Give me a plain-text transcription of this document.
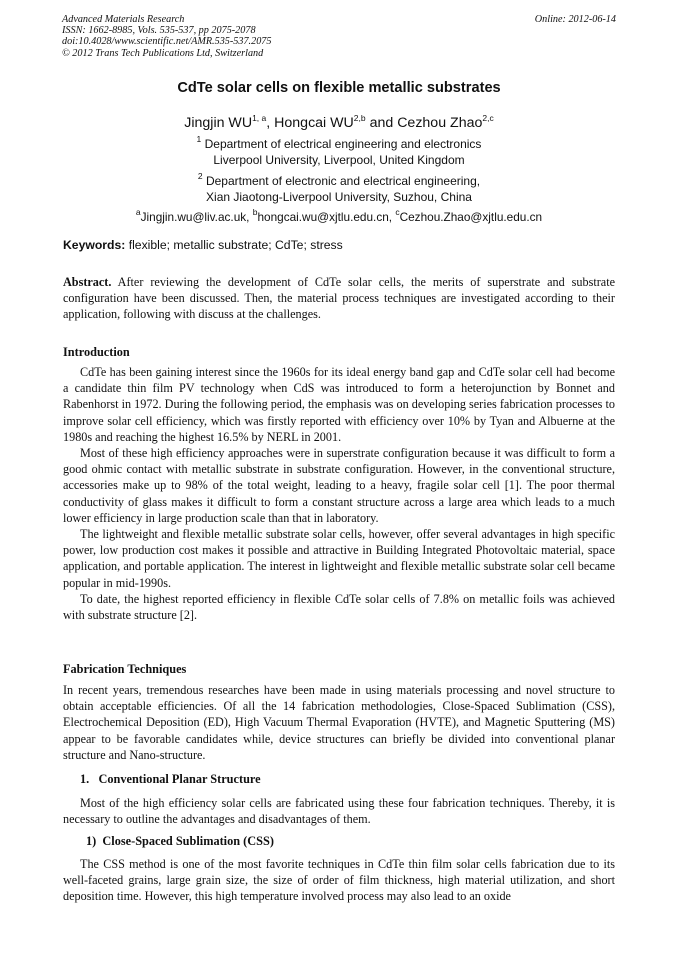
Advanced Materials Research
ISSN: 1662-8985, Vols. 535-537, pp 2075-2078
doi:10.4028/www.scientific.net/AMR.535-537.2075
© 2012 Trans Tech Publications Ltd, Switzerland
Online: 2012-06-14
CdTe solar cells on flexible metallic substrates
Jingjin WU$^{1, a}$, Hongcai WU$^{2,b}$ and Cezhou Zhao$^{2,c}$
$^1$ Department of electrical engineering and electronics
Liverpool University, Liverpool, United Kingdom
$^2$ Department of electronic and electrical engineering,
Xian Jiaotong-Liverpool University, Suzhou, China
$^a$Jingjin.wu@liv.ac.uk, $^b$hongcai.wu@xjtlu.edu.cn, $^c$Cezhou.Zhao@xjtlu.edu.cn
Keywords: flexible; metallic substrate; CdTe; stress

Abstract. After reviewing the development of CdTe solar cells, the merits of superstrate and substrate configuration have been discussed. Then, the material process techniques are investigated according to their application, following with discuss at the challenges.

Introduction

CdTe has been gaining interest since the 1960s for its ideal energy band gap and CdTe solar cell had become a candidate thin film PV technology when CdS was introduced to form a heterojunction by Bonnet and Rabenhorst in 1972. During the following period, the emphasis was on developing series fabrication processes to improve solar cell efficiency, which was firstly reported with efficiency over 10% by Tyan and Albuerne at the 1980s and reaching the highest 16.5% by NERL in 2001.

Most of these high efficiency approaches were in superstrate configuration because it was difficult to form a good ohmic contact with metallic substrate in substrate configuration. However, in the conventional structure, accessories make up to 98% of the total weight, leading to a heavy, fragile solar cell [1]. The poor thermal conductivity of glass makes it difficult to form a constant structure across a large area which leads to a much lower efficiency in large production scale than that in laboratory.

The lightweight and flexible metallic substrate solar cells, however, offer several advantages in high specific power, low production cost makes it possible and attractive in Building Integrated Photovoltaic material, space application, and portable application. The interest in lightweight and flexible metallic substrate solar cell became popular in mid-1990s.

To date, the highest reported efficiency in flexible CdTe solar cells of 7.8% on metallic foils was achieved with substrate structure [2].

Fabrication Techniques

In recent years, tremendous researches have been made in using materials processing and novel structure to obtain acceptable efficiencies. Of all the 14 fabrication methodologies, Close-Spaced Sublimation (CSS), Electrochemical Deposition (ED), High Vacuum Thermal Evaporation (HVTE), and Magnetic Sputtering (MS) appear to be favorable candidates while, device structures can briefly be divided into conventional planar structure and Nano-structure.

1. Conventional Planar Structure

Most of the high efficiency solar cells are fabricated using these four fabrication techniques. Thereby, it is necessary to outline the advantages and disadvantages of them.

1) Close-Spaced Sublimation (CSS)

The CSS method is one of the most favorite techniques in CdTe thin film solar cells fabrication due to its well-faceted grains, large grain size, the size of order of film thickness, high material utilization, and short deposition time. However, this high temperature involved process may also lead to an oxide
